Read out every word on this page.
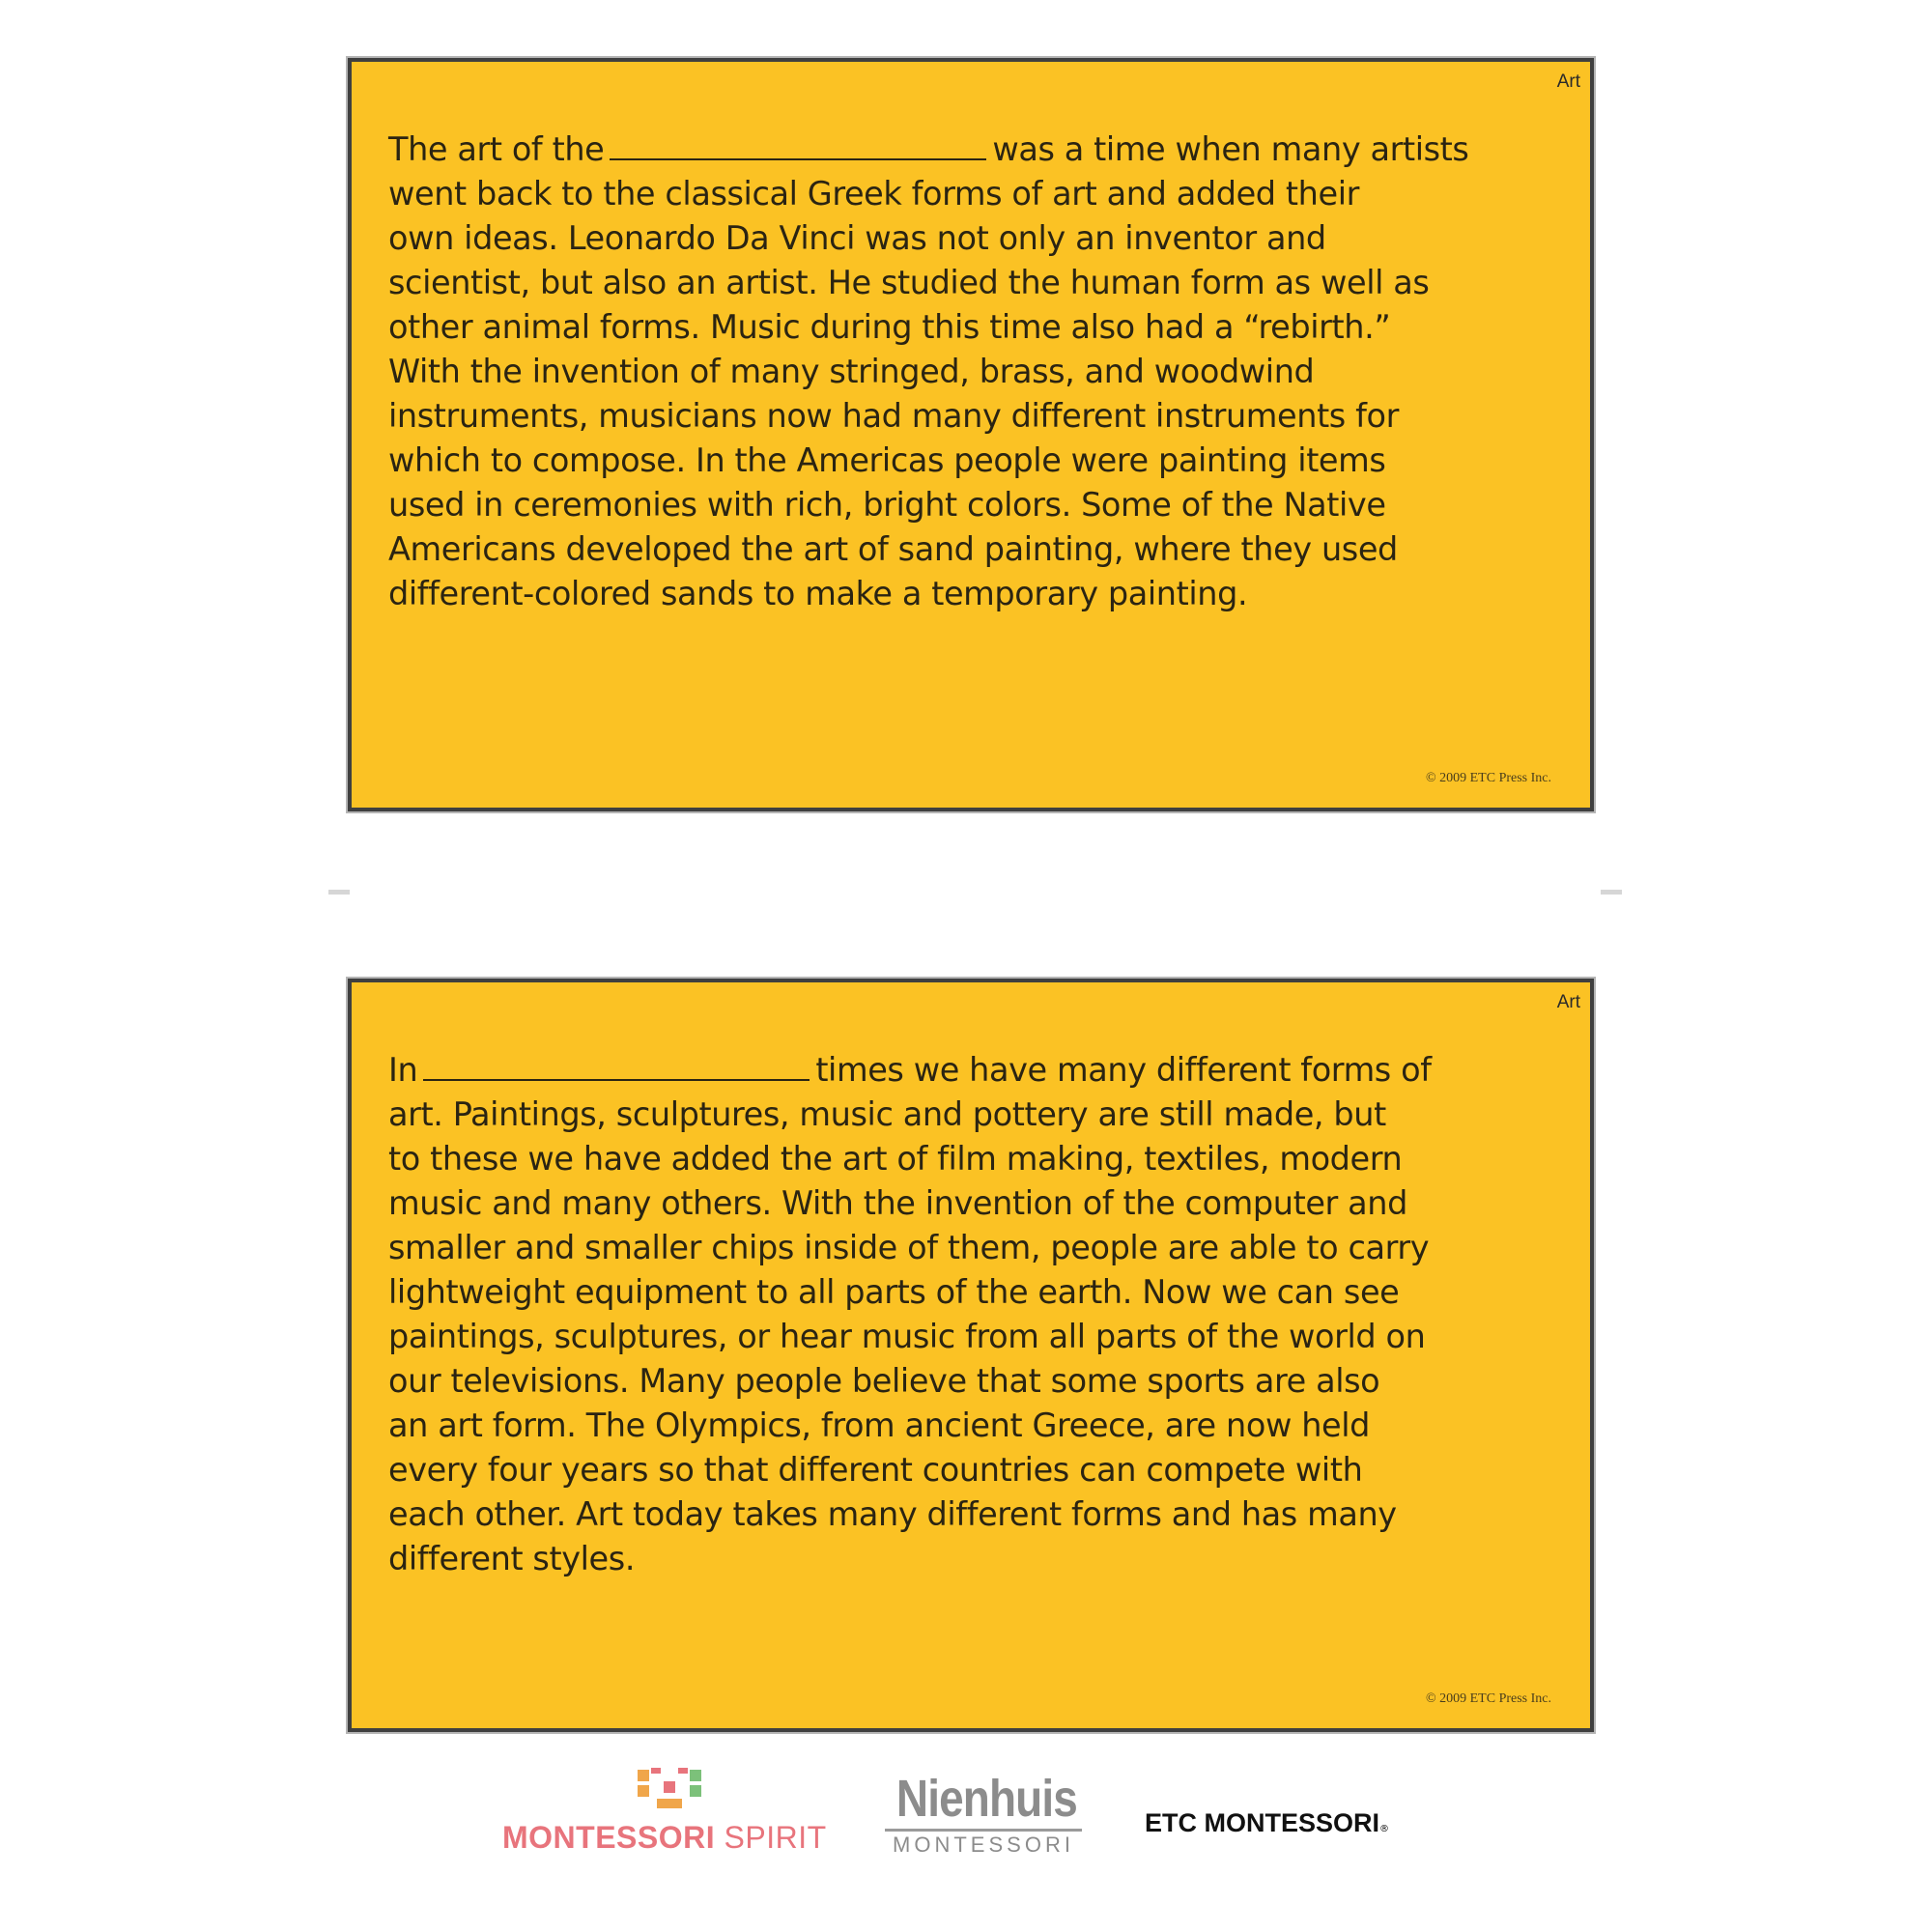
Art
The art of the	was a time when many artists
went back to the classical Greek forms of art and added their
own ideas. Leonardo Da Vinci was not only an inventor and
scientist, but also an artist. He studied the human form as well as
other animal forms. Music during this time also had a “rebirth.”
With the invention of many stringed, brass, and woodwind
instruments, musicians now had many different instruments for
which to compose. In the Americas people were painting items
used in ceremonies with rich, bright colors. Some of the Native
Americans developed the art of sand painting, where they used
different-colored sands to make a temporary painting.
© 2009 ETC Press Inc.
Art
In	times we have many different forms of
art. Paintings, sculptures, music and pottery are still made, but
to these we have added the art of film making, textiles, modern
music and many others. With the invention of the computer and
smaller and smaller chips inside of them, people are able to carry
lightweight equipment to all parts of the earth. Now we can see
paintings, sculptures, or hear music from all parts of the world on
our televisions. Many people believe that some sports are also
an art form. The Olympics, from ancient Greece, are now held
every four years so that different countries can compete with
each other. Art today takes many different forms and has many
different styles.
© 2009 ETC Press Inc.
MONTESSORI SPIRIT
Nienhuis
MONTESSORI
ETC MONTESSORI®
